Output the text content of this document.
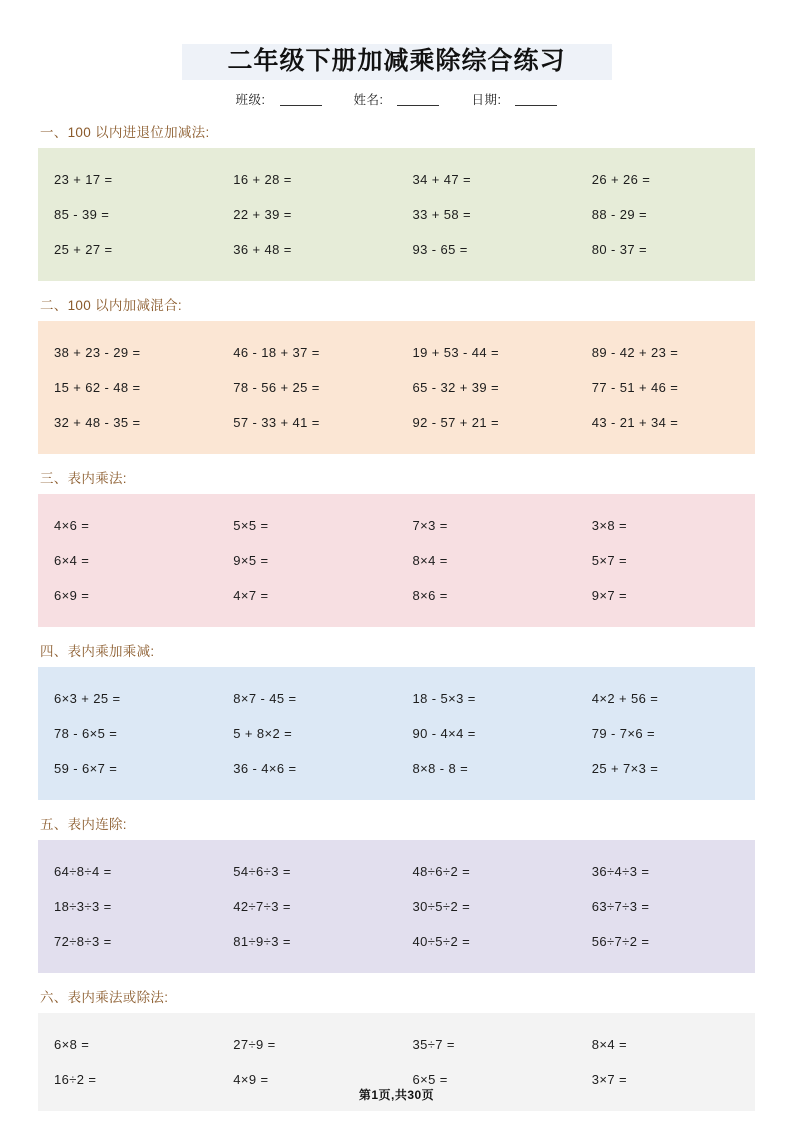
二年级下册加减乘除综合练习
班级:	姓名:	日期:
一、100 以内进退位加减法:
23 + 17 =	16 + 28 =	34 + 47 =	26 + 26 =
85 - 39 =	22 + 39 =	33 + 58 =	88 - 29 =
25 + 27 =	36 + 48 =	93 - 65 =	80 - 37 =
二、100 以内加减混合:
38 + 23 - 29 =	46 - 18 + 37 =	19 + 53 - 44 =	89 - 42 + 23 =
15 + 62 - 48 =	78 - 56 + 25 =	65 - 32 + 39 =	77 - 51 + 46 =
32 + 48 - 35 =	57 - 33 + 41 =	92 - 57 + 21 =	43 - 21 + 34 =
三、表内乘法:
4×6 =	5×5 =	7×3 =	3×8 =
6×4 =	9×5 =	8×4 =	5×7 =
6×9 =	4×7 =	8×6 =	9×7 =
四、表内乘加乘减:
6×3 + 25 =	8×7 - 45 =	18 - 5×3 =	4×2 + 56 =
78 - 6×5 =	5 + 8×2 =	90 - 4×4 =	79 - 7×6 =
59 - 6×7 =	36 - 4×6 =	8×8 - 8 =	25 + 7×3 =
五、表内连除:
64÷8÷4 =	54÷6÷3 =	48÷6÷2 =	36÷4÷3 =
18÷3÷3 =	42÷7÷3 =	30÷5÷2 =	63÷7÷3 =
72÷8÷3 =	81÷9÷3 =	40÷5÷2 =	56÷7÷2 =
六、表内乘法或除法:
6×8 =	27÷9 =	35÷7 =	8×4 =
16÷2 =	4×9 =	6×5 =	3×7 =
第1页,共30页
